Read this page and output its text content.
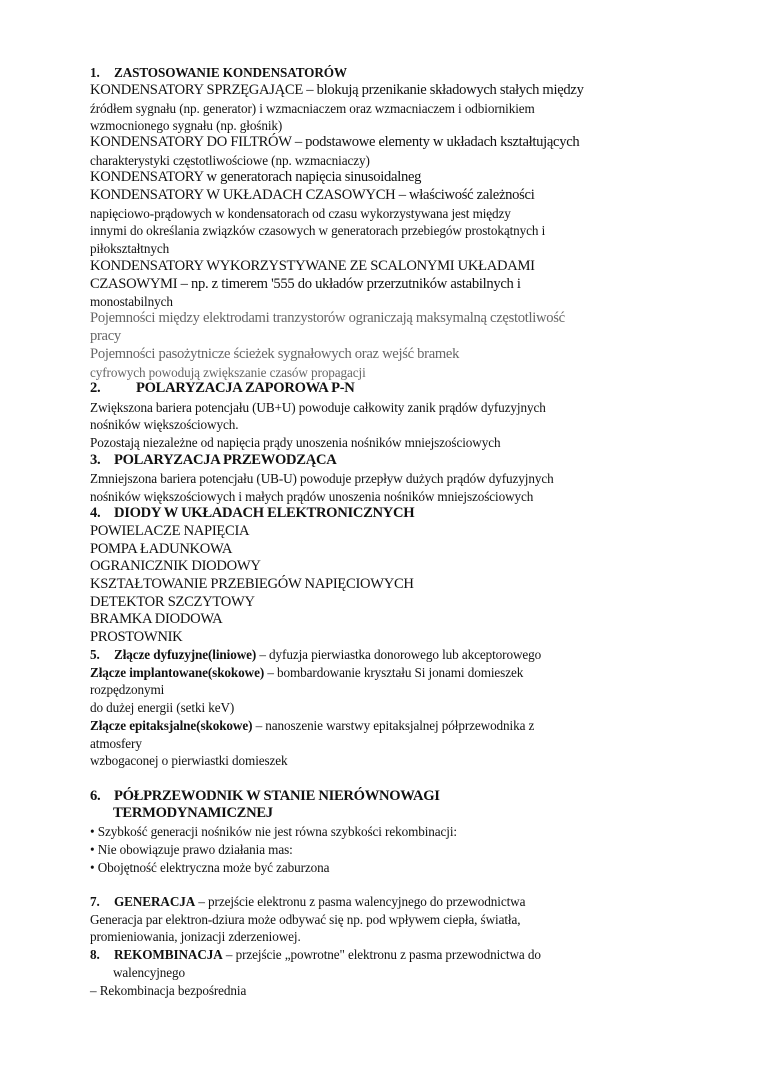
1. ZASTOSOWANIE KONDENSATORÓW
KONDENSATORY SPRZĘGAJĄCE – blokują przenikanie składowych stałych między
źródłem sygnału (np. generator) i wzmacniaczem oraz wzmacniaczem i odbiornikiem
wzmocnionego sygnału (np. głośnik)
KONDENSATORY DO FILTRÓW – podstawowe elementy w układach kształtujących
charakterystyki częstotliwościowe (np. wzmacniaczy)
KONDENSATORY w generatorach napięcia sinusoidalneg
KONDENSATORY W UKŁADACH CZASOWYCH – właściwość zależności
napięciowo-prądowych w kondensatorach od czasu wykorzystywana jest między
innymi do określania związków czasowych w generatorach przebiegów prostokątnych i
piłokształtnych
KONDENSATORY WYKORZYSTYWANE ZE SCALONYMI UKŁADAMI
CZASOWYMI – np. z timerem '555 do układów przerzutników astabilnych i
monostabilnych
Pojemności między elektrodami tranzystorów ograniczają maksymalną częstotliwość
pracy
Pojemności pasożytnicze ścieżek sygnałowych oraz wejść bramek
cyfrowych powodują zwiększanie czasów propagacji
2. POLARYZACJA ZAPOROWA P-N
Zwiększona bariera potencjału (UB+U) powoduje całkowity zanik prądów dyfuzyjnych
nośników większościowych.
Pozostają niezależne od napięcia prądy unoszenia nośników mniejszościowych
3. POLARYZACJA PRZEWODZĄCA
Zmniejszona bariera potencjału (UB-U) powoduje przepływ dużych prądów dyfuzyjnych
nośników większościowych i małych prądów unoszenia nośników mniejszościowych
4. DIODY W UKŁADACH ELEKTRONICZNYCH
POWIELACZE NAPIĘCIA
POMPA ŁADUNKOWA
OGRANICZNIK DIODOWY
KSZTAŁTOWANIE PRZEBIEGÓW NAPIĘCIOWYCH
DETEKTOR SZCZYTOWY
BRAMKA DIODOWA
PROSTOWNIK
5. Złącze dyfuzyjne(liniowe) – dyfuzja pierwiastka donorowego lub akceptorowego
Złącze implantowane(skokowe) – bombardowanie kryształu Si jonami domieszek
rozpędzonymi
do dużej energii (setki keV)
Złącze epitaksjalne(skokowe) – nanoszenie warstwy epitaksjalnej półprzewodnika z
atmosfery
wzbogaconej o pierwiastki domieszek
6. PÓŁPRZEWODNIK W STANIE NIERÓWNOWAGI
TERMODYNAMICZNEJ
• Szybkość generacji nośników nie jest równa szybkości rekombinacji:
• Nie obowiązuje prawo działania mas:
• Obojętność elektryczna może być zaburzona
7. GENERACJA – przejście elektronu z pasma walencyjnego do przewodnictwa
Generacja par elektron-dziura może odbywać się np. pod wpływem ciepła, światła,
promieniowania, jonizacji zderzeniowej.
8. REKOMBINACJA – przejście „powrotne" elektronu z pasma przewodnictwa do
walencyjnego
– Rekombinacja bezpośrednia
